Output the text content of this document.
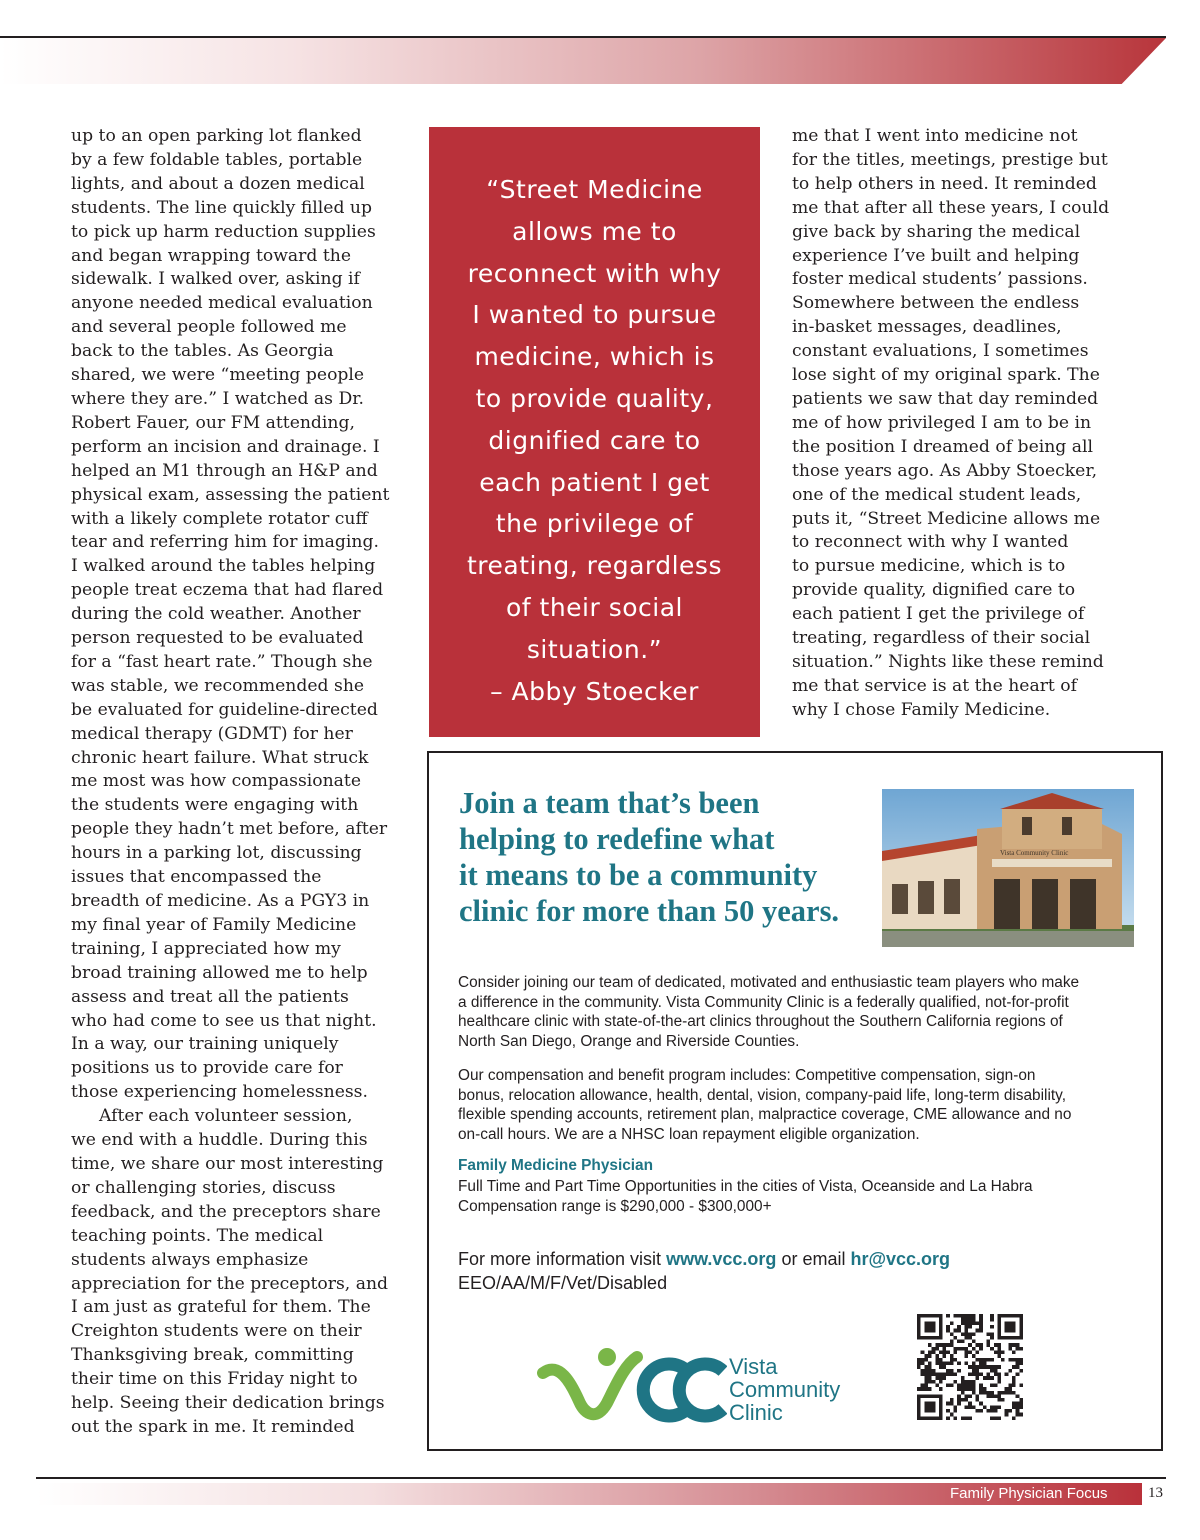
up to an open parking lot flanked
by a few foldable tables, portable
lights, and about a dozen medical
students. The line quickly filled up
to pick up harm reduction supplies
and began wrapping toward the
sidewalk. I walked over, asking if
anyone needed medical evaluation
and several people followed me
back to the tables. As Georgia
shared, we were “meeting people
where they are.” I watched as Dr.
Robert Fauer, our FM attending,
perform an incision and drainage. I
helped an M1 through an H&P and
physical exam, assessing the patient
with a likely complete rotator cuff
tear and referring him for imaging.
I walked around the tables helping
people treat eczema that had flared
during the cold weather. Another
person requested to be evaluated
for a “fast heart rate.” Though she
was stable, we recommended she
be evaluated for guideline-directed
medical therapy (GDMT) for her
chronic heart failure. What struck
me most was how compassionate
the students were engaging with
people they hadn’t met before, after
hours in a parking lot, discussing
issues that encompassed the
breadth of medicine. As a PGY3 in
my final year of Family Medicine
training, I appreciated how my
broad training allowed me to help
assess and treat all the patients
who had come to see us that night.
In a way, our training uniquely
positions us to provide care for
those experiencing homelessness.
After each volunteer session,
we end with a huddle. During this
time, we share our most interesting
or challenging stories, discuss
feedback, and the preceptors share
teaching points. The medical
students always emphasize
appreciation for the preceptors, and
I am just as grateful for them. The
Creighton students were on their
Thanksgiving break, committing
their time on this Friday night to
help. Seeing their dedication brings
out the spark in me. It reminded
“Street Medicine
allows me to
reconnect with why
I wanted to pursue
medicine, which is
to provide quality,
dignified care to
each patient I get
the privilege of
treating, regardless
of their social
situation.”
– Abby Stoecker
me that I went into medicine not
for the titles, meetings, prestige but
to help others in need. It reminded
me that after all these years, I could
give back by sharing the medical
experience I’ve built and helping
foster medical students’ passions.
Somewhere between the endless
in-basket messages, deadlines,
constant evaluations, I sometimes
lose sight of my original spark. The
patients we saw that day reminded
me of how privileged I am to be in
the position I dreamed of being all
those years ago. As Abby Stoecker,
one of the medical student leads,
puts it, “Street Medicine allows me
to reconnect with why I wanted
to pursue medicine, which is to
provide quality, dignified care to
each patient I get the privilege of
treating, regardless of their social
situation.” Nights like these remind
me that service is at the heart of
why I chose Family Medicine.
Join a team that’s been
helping to redefine what
it means to be a community
clinic for more than 50 years.
Vista Community Clinic
Consider joining our team of dedicated, motivated and enthusiastic team players who make
a difference in the community. Vista Community Clinic is a federally qualified, not-for-profit
healthcare clinic with state-of-the-art clinics throughout the Southern California regions of
North San Diego, Orange and Riverside Counties.
Our compensation and benefit program includes: Competitive compensation, sign-on
bonus, relocation allowance, health, dental, vision, company-paid life, long-term disability,
flexible spending accounts, retirement plan, malpractice coverage, CME allowance and no
on-call hours. We are a NHSC loan repayment eligible organization.
Family Medicine Physician
Full Time and Part Time Opportunities in the cities of Vista, Oceanside and La Habra
Compensation range is $290,000 - $300,000+
For more information visit www.vcc.org or email hr@vcc.org
EEO/AA/M/F/Vet/Disabled
Vista
Community
Clinic
Family Physician Focus	13
